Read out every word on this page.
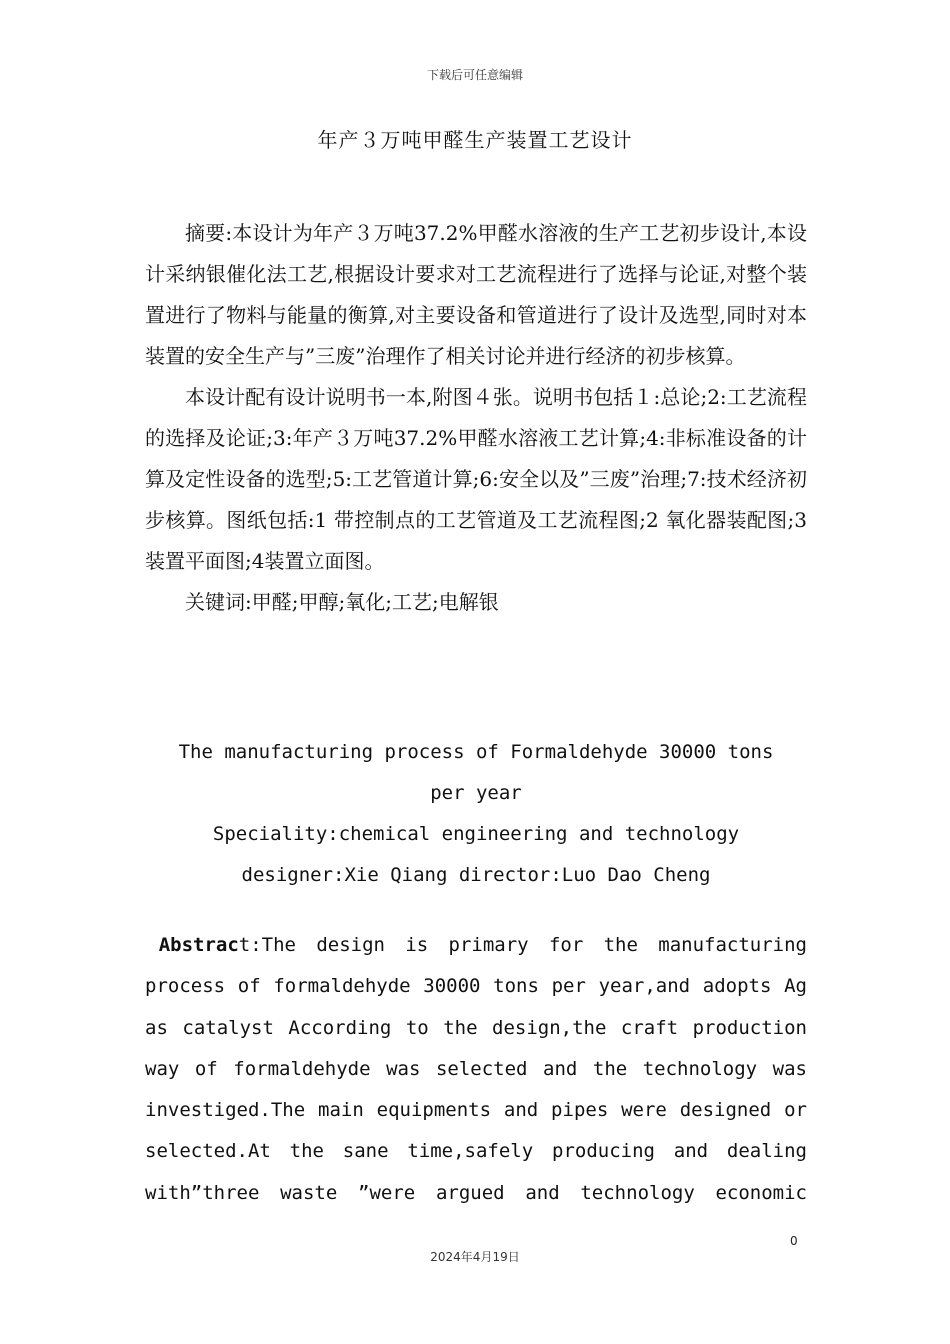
下载后可任意编辑
年产３万吨甲醛生产装置工艺设计

摘要:本设计为年产３万吨37.2%甲醛水溶液的生产工艺初步设计,本设计采纳银催化法工艺,根据设计要求对工艺流程进行了选择与论证,对整个装置进行了物料与能量的衡算,对主要设备和管道进行了设计及选型,同时对本装置的安全生产与”三废”治理作了相关讨论并进行经济的初步核算。

本设计配有设计说明书一本,附图４张。说明书包括１:总论;2:工艺流程的选择及论证;3:年产３万吨37.2%甲醛水溶液工艺计算;4:非标准设备的计算及定性设备的选型;5:工艺管道计算;6:安全以及”三废”治理;7:技术经济初步核算。图纸包括:1 带控制点的工艺管道及工艺流程图;2 氧化器装配图;3 装置平面图;4装置立面图。

关键词:甲醛;甲醇;氧化;工艺;电解银

The manufacturing process of Formaldehyde 30000 tons
per year
Speciality:chemical engineering and technology
designer:Xie Qiang director:Luo Dao Cheng

Abstract:The design is primary for the manufacturing process of formaldehyde 30000 tons per year,and adopts Ag as catalyst According to the design,the craft production way of formaldehyde was selected and the technology was investiged.The main equipments and pipes were designed or selected.At the sane time,safely producing and dealing with”three waste ”were argued and technology economic

0
2024年4月19日
